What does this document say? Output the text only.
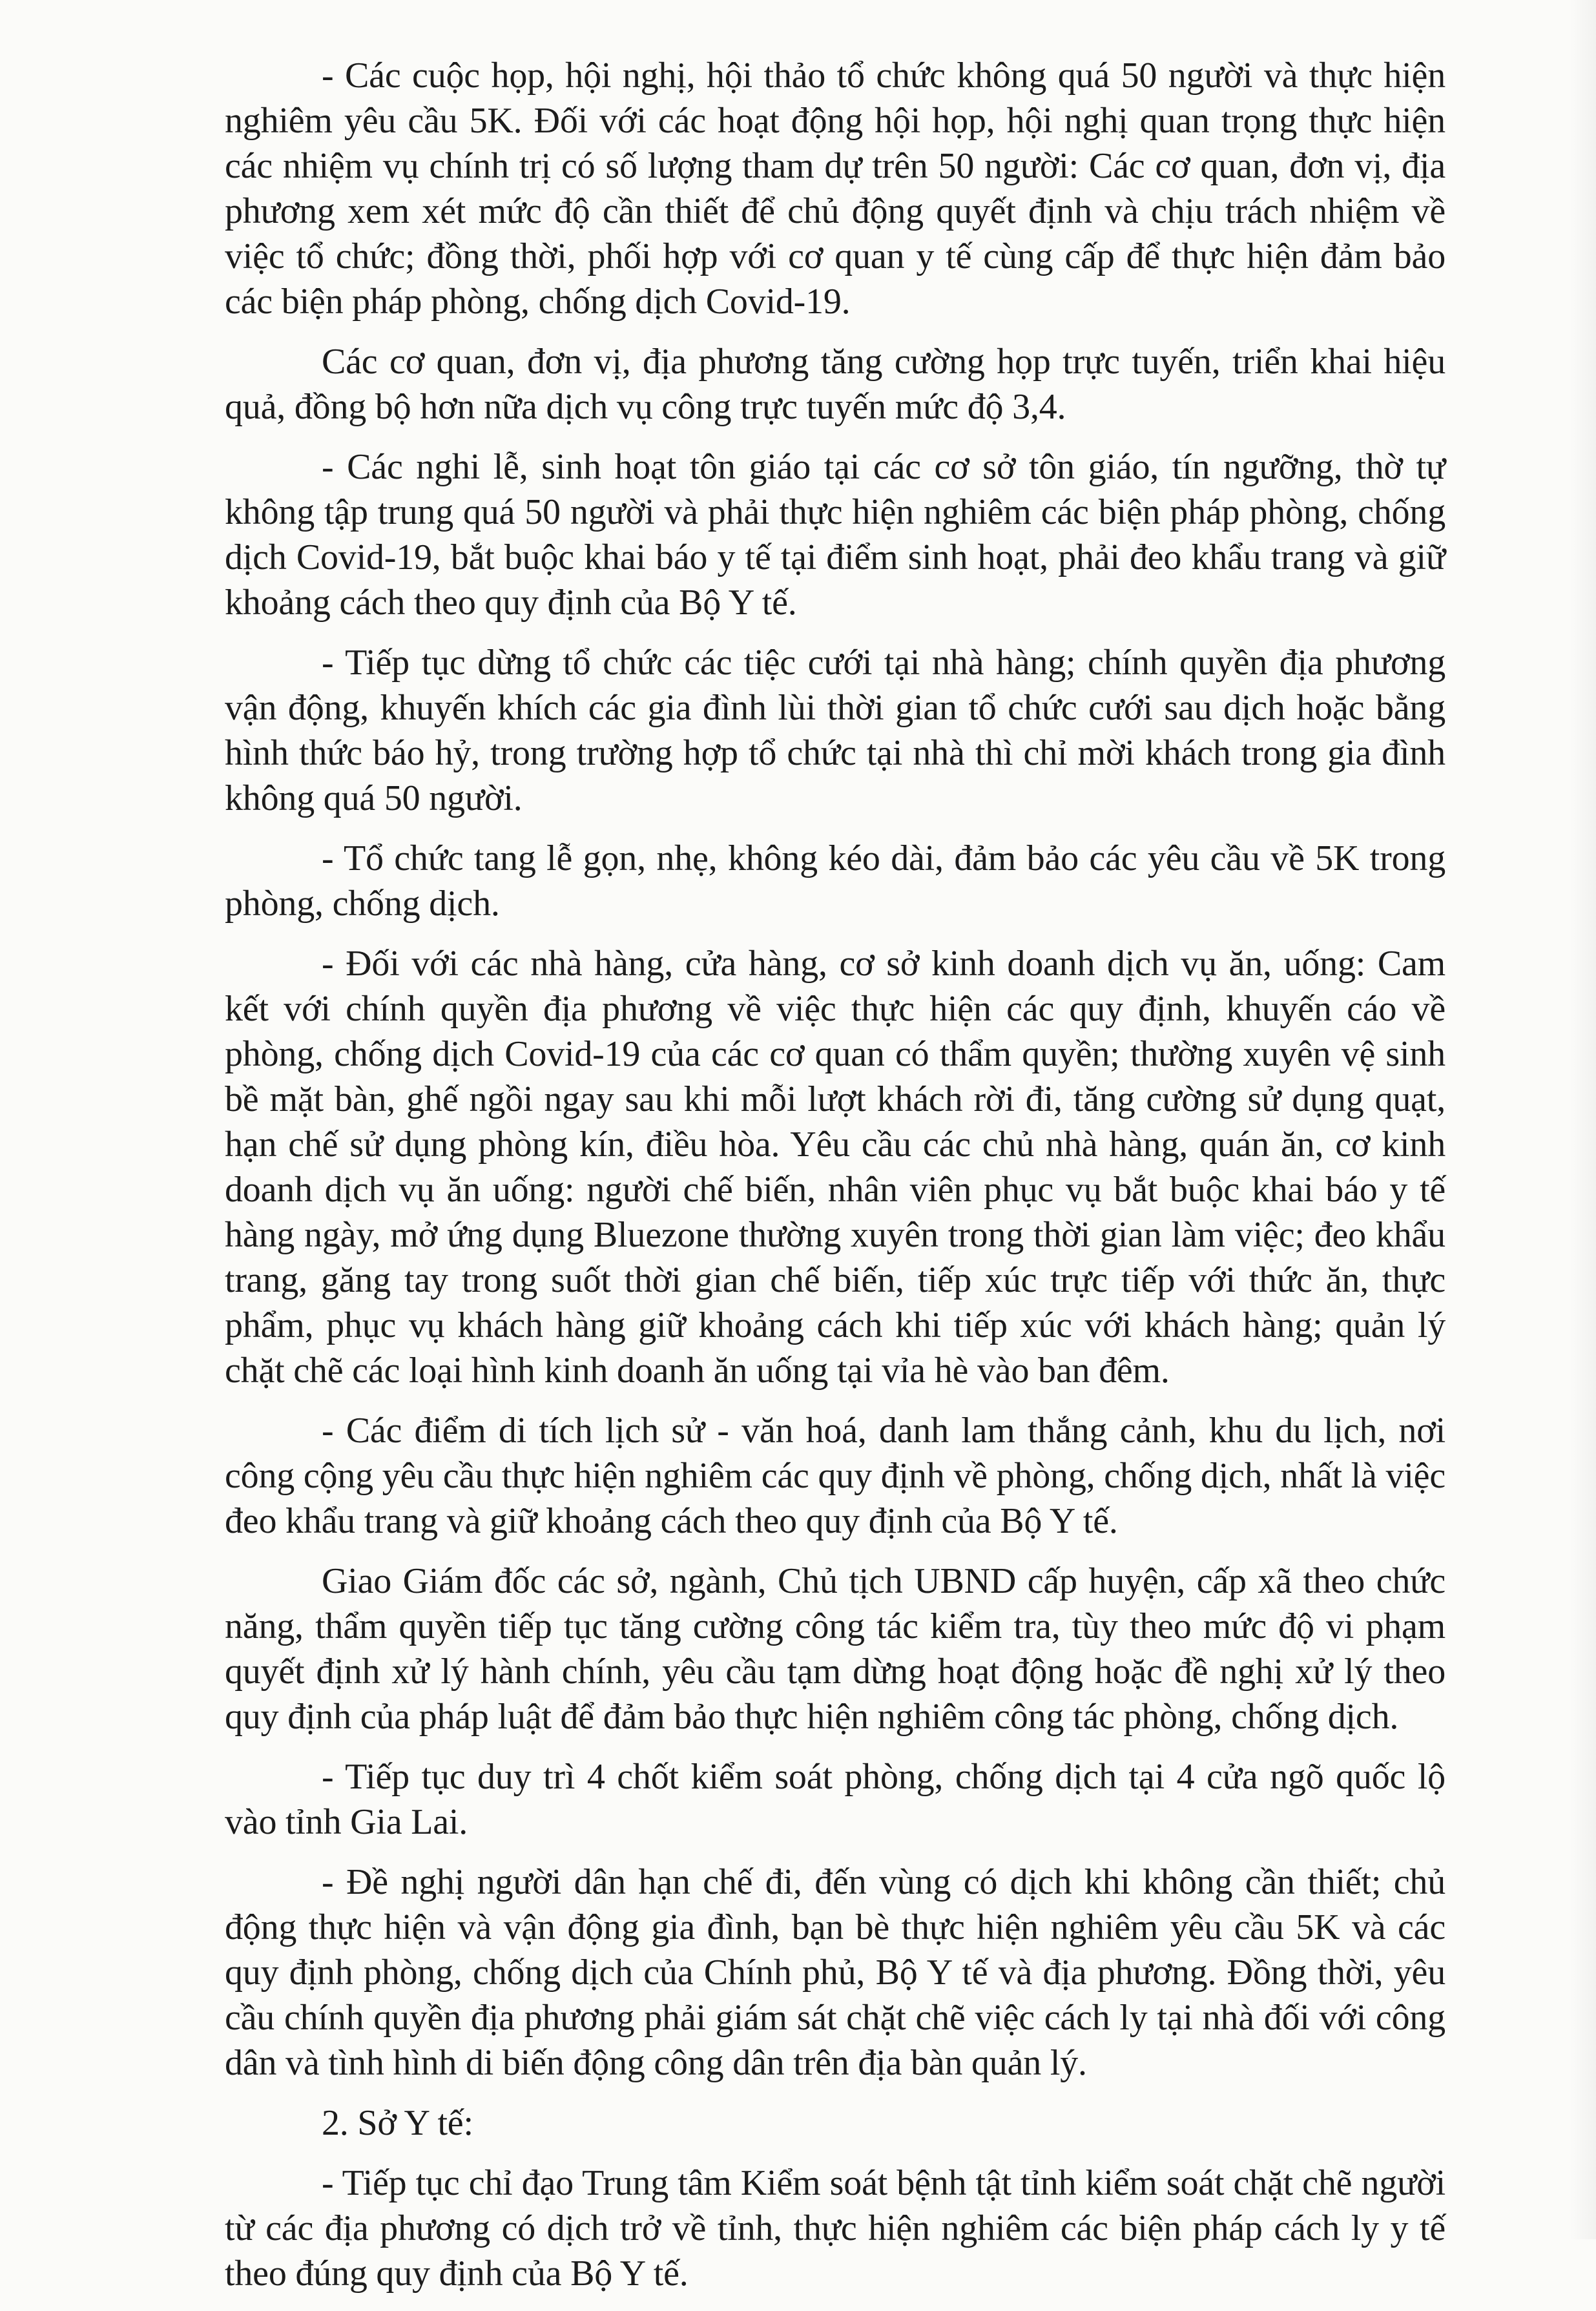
- Các cuộc họp, hội nghị, hội thảo tổ chức không quá 50 người và thực hiện nghiêm yêu cầu 5K. Đối với các hoạt động hội họp, hội nghị quan trọng thực hiện các nhiệm vụ chính trị có số lượng tham dự trên 50 người: Các cơ quan, đơn vị, địa phương xem xét mức độ cần thiết để chủ động quyết định và chịu trách nhiệm về việc tổ chức; đồng thời, phối hợp với cơ quan y tế cùng cấp để thực hiện đảm bảo các biện pháp phòng, chống dịch Covid-19.

Các cơ quan, đơn vị, địa phương tăng cường họp trực tuyến, triển khai hiệu quả, đồng bộ hơn nữa dịch vụ công trực tuyến mức độ 3,4.

- Các nghi lễ, sinh hoạt tôn giáo tại các cơ sở tôn giáo, tín ngưỡng, thờ tự không tập trung quá 50 người và phải thực hiện nghiêm các biện pháp phòng, chống dịch Covid-19, bắt buộc khai báo y tế tại điểm sinh hoạt, phải đeo khẩu trang và giữ khoảng cách theo quy định của Bộ Y tế.

- Tiếp tục dừng tổ chức các tiệc cưới tại nhà hàng; chính quyền địa phương vận động, khuyến khích các gia đình lùi thời gian tổ chức cưới sau dịch hoặc bằng hình thức báo hỷ, trong trường hợp tổ chức tại nhà thì chỉ mời khách trong gia đình không quá 50 người.

- Tổ chức tang lễ gọn, nhẹ, không kéo dài, đảm bảo các yêu cầu về 5K trong phòng, chống dịch.

- Đối với các nhà hàng, cửa hàng, cơ sở kinh doanh dịch vụ ăn, uống: Cam kết với chính quyền địa phương về việc thực hiện các quy định, khuyến cáo về phòng, chống dịch Covid-19 của các cơ quan có thẩm quyền; thường xuyên vệ sinh bề mặt bàn, ghế ngồi ngay sau khi mỗi lượt khách rời đi, tăng cường sử dụng quạt, hạn chế sử dụng phòng kín, điều hòa. Yêu cầu các chủ nhà hàng, quán ăn, cơ kinh doanh dịch vụ ăn uống: người chế biến, nhân viên phục vụ bắt buộc khai báo y tế hàng ngày, mở ứng dụng Bluezone thường xuyên trong thời gian làm việc; đeo khẩu trang, găng tay trong suốt thời gian chế biến, tiếp xúc trực tiếp với thức ăn, thực phẩm, phục vụ khách hàng giữ khoảng cách khi tiếp xúc với khách hàng; quản lý chặt chẽ các loại hình kinh doanh ăn uống tại vỉa hè vào ban đêm.

- Các điểm di tích lịch sử - văn hoá, danh lam thắng cảnh, khu du lịch, nơi công cộng yêu cầu thực hiện nghiêm các quy định về phòng, chống dịch, nhất là việc đeo khẩu trang và giữ khoảng cách theo quy định của Bộ Y tế.

Giao Giám đốc các sở, ngành, Chủ tịch UBND cấp huyện, cấp xã theo chức năng, thẩm quyền tiếp tục tăng cường công tác kiểm tra, tùy theo mức độ vi phạm quyết định xử lý hành chính, yêu cầu tạm dừng hoạt động hoặc đề nghị xử lý theo quy định của pháp luật để đảm bảo thực hiện nghiêm công tác phòng, chống dịch.

- Tiếp tục duy trì 4 chốt kiểm soát phòng, chống dịch tại 4 cửa ngõ quốc lộ vào tỉnh Gia Lai.

- Đề nghị người dân hạn chế đi, đến vùng có dịch khi không cần thiết; chủ động thực hiện và vận động gia đình, bạn bè thực hiện nghiêm yêu cầu 5K và các quy định phòng, chống dịch của Chính phủ, Bộ Y tế và địa phương. Đồng thời, yêu cầu chính quyền địa phương phải giám sát chặt chẽ việc cách ly tại nhà đối với công dân và tình hình di biến động công dân trên địa bàn quản lý.

2. Sở Y tế:

- Tiếp tục chỉ đạo Trung tâm Kiểm soát bệnh tật tỉnh kiểm soát chặt chẽ người từ các địa phương có dịch trở về tỉnh, thực hiện nghiêm các biện pháp cách ly y tế theo đúng quy định của Bộ Y tế.
